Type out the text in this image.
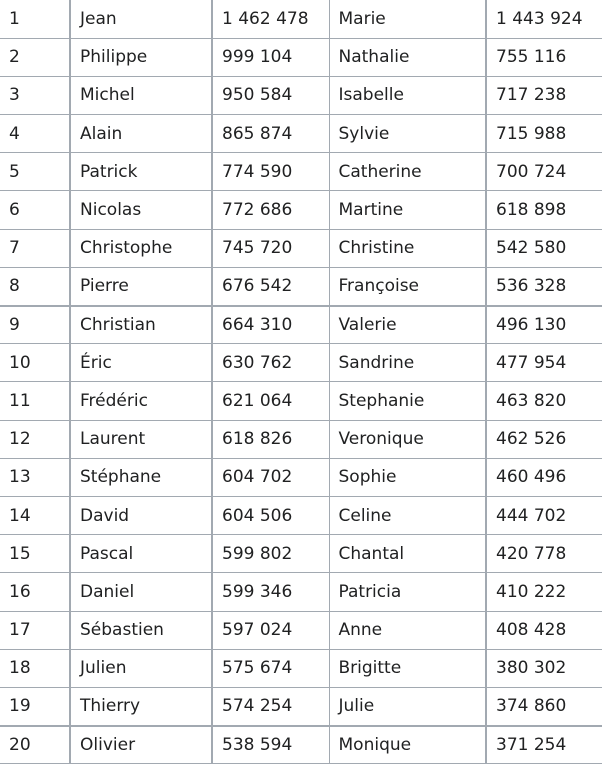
1	Jean	1 462 478	Marie	1 443 924
2	Philippe	999 104	Nathalie	755 116
3	Michel	950 584	Isabelle	717 238
4	Alain	865 874	Sylvie	715 988
5	Patrick	774 590	Catherine	700 724
6	Nicolas	772 686	Martine	618 898
7	Christophe	745 720	Christine	542 580
8	Pierre	676 542	Françoise	536 328
9	Christian	664 310	Valerie	496 130
10	Éric	630 762	Sandrine	477 954
11	Frédéric	621 064	Stephanie	463 820
12	Laurent	618 826	Veronique	462 526
13	Stéphane	604 702	Sophie	460 496
14	David	604 506	Celine	444 702
15	Pascal	599 802	Chantal	420 778
16	Daniel	599 346	Patricia	410 222
17	Sébastien	597 024	Anne	408 428
18	Julien	575 674	Brigitte	380 302
19	Thierry	574 254	Julie	374 860
20	Olivier	538 594	Monique	371 254
